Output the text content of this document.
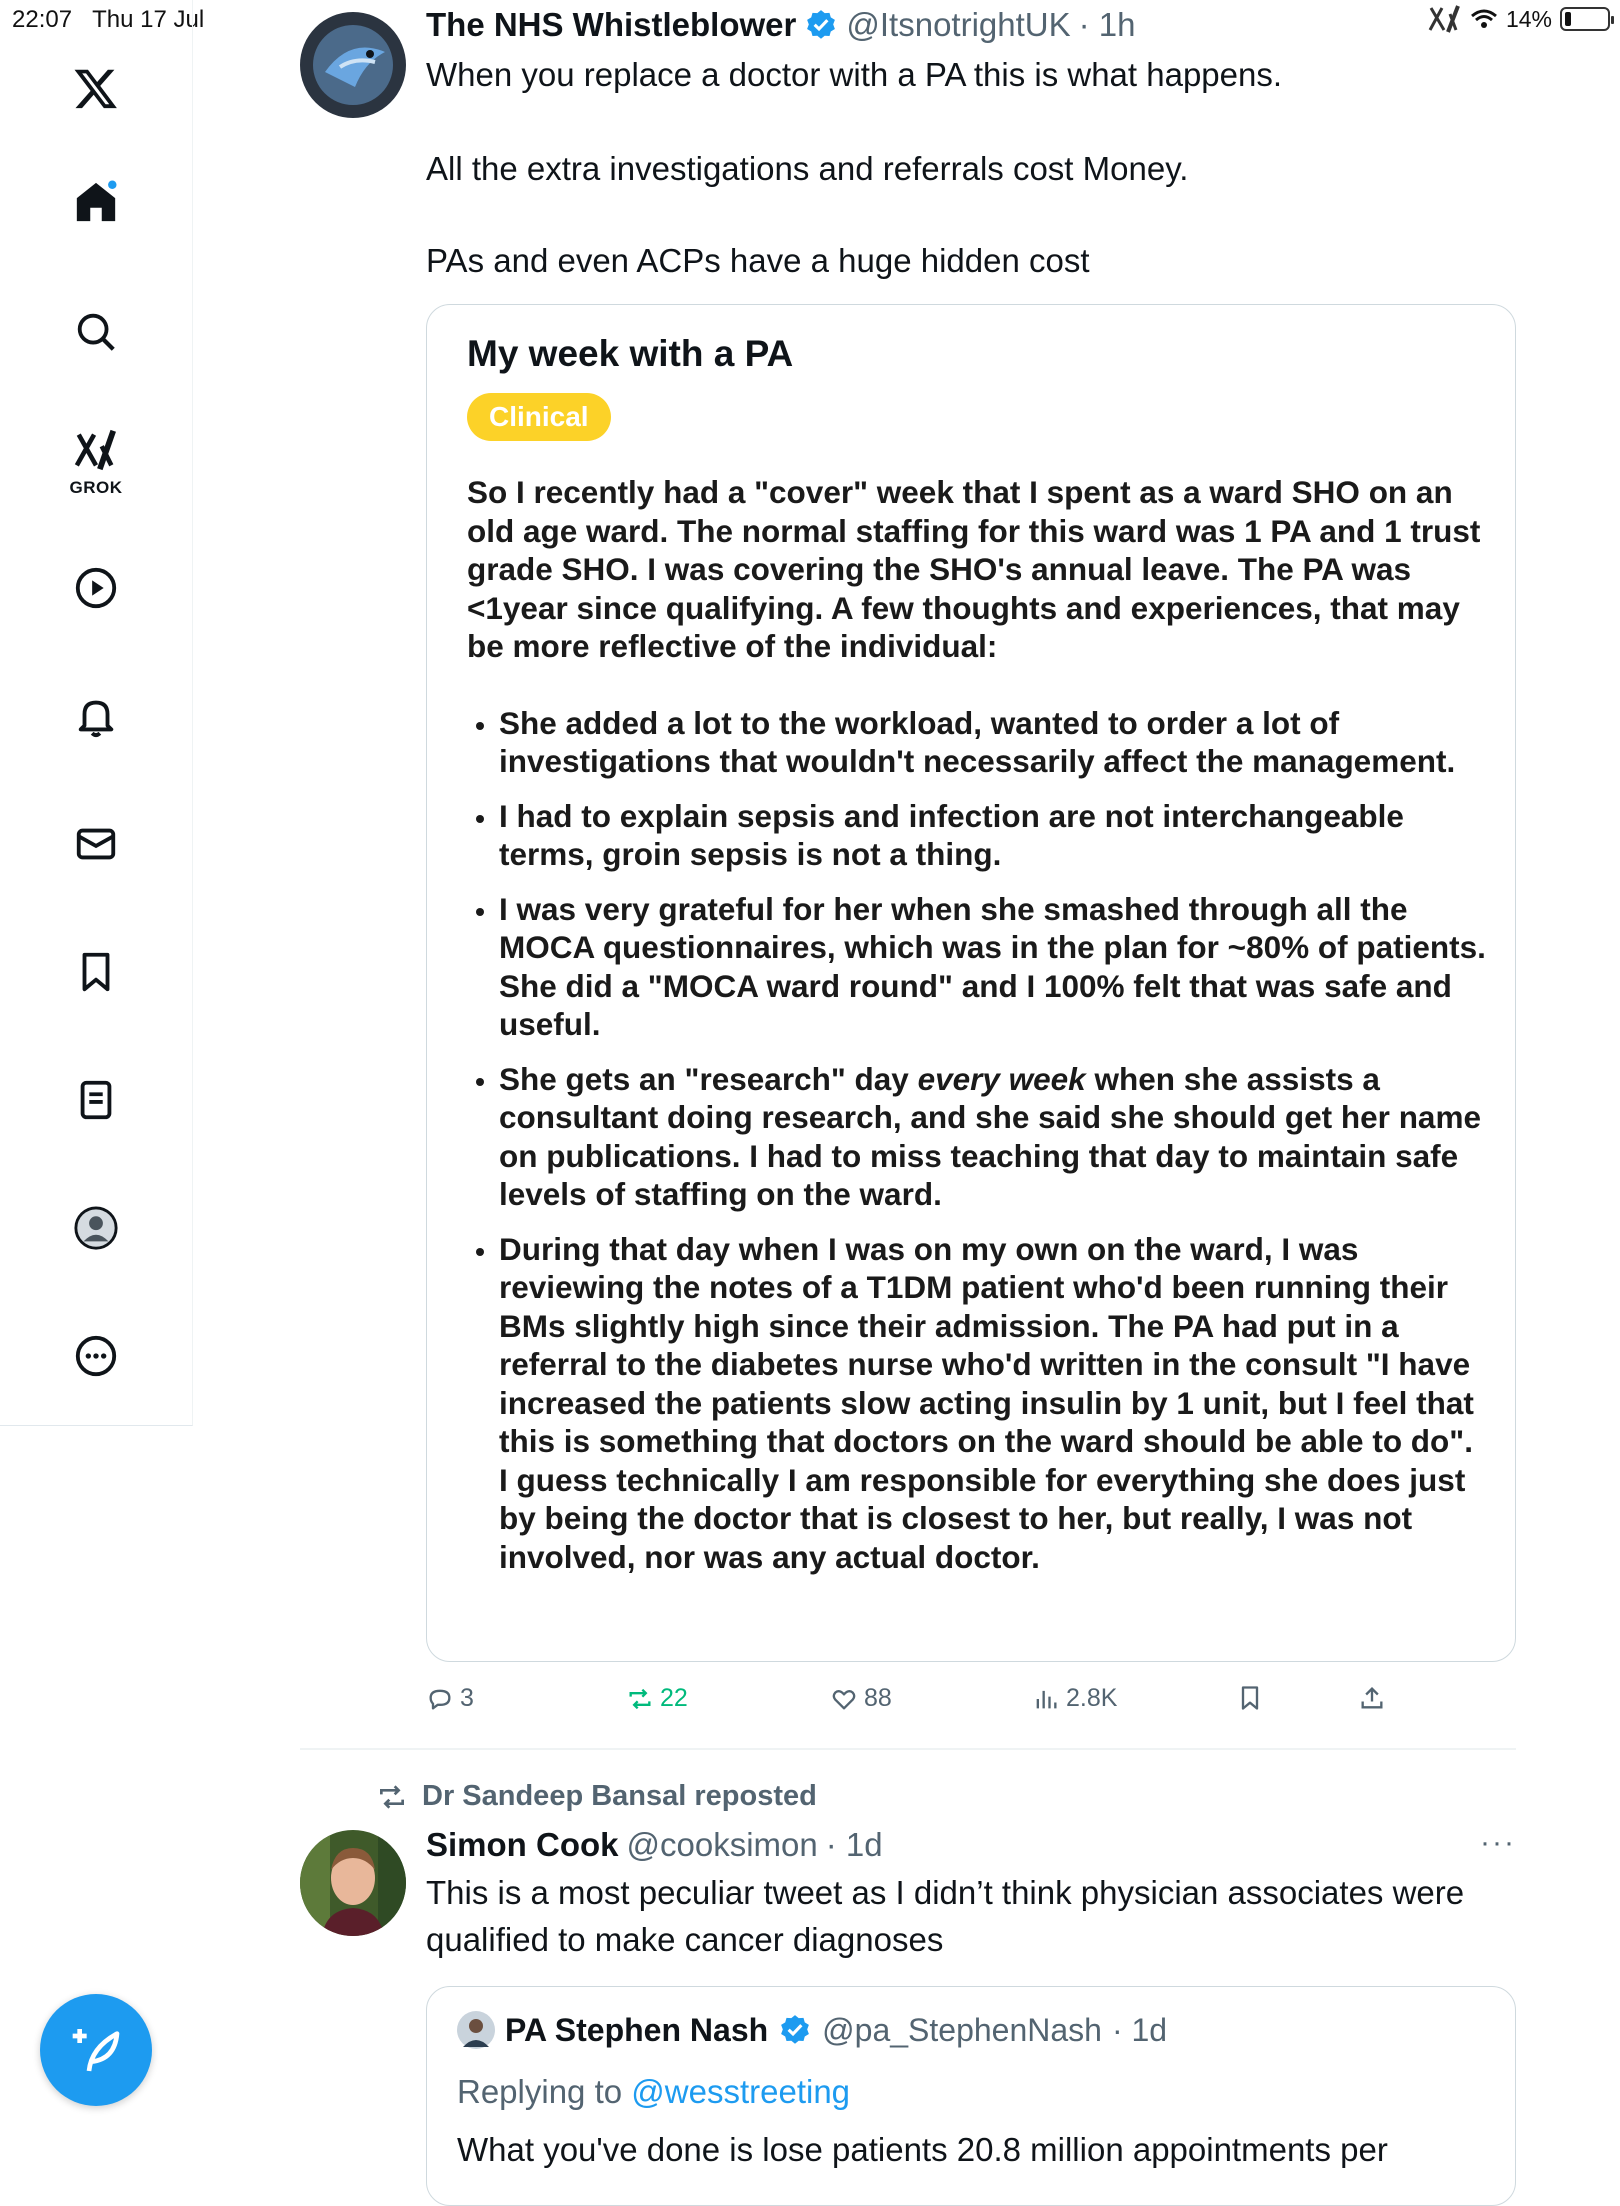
22:07 Thu 17 Jul	14%
GROK
The NHS Whistleblower @ItsnotrightUK · 1h
When you replace a doctor with a PA this is what happens.
All the extra investigations and referrals cost Money.
PAs and even ACPs have a huge hidden cost
My week with a PA
Clinical

So I recently had a "cover" week that I spent as a ward SHO on an old age ward. The normal staffing for this ward was 1 PA and 1 trust grade SHO. I was covering the SHO's annual leave. The PA was <1year since qualifying. A few thoughts and experiences, that may be more reflective of the individual:

• She added a lot to the workload, wanted to order a lot of investigations that wouldn't necessarily affect the management.
• I had to explain sepsis and infection are not interchangeable terms, groin sepsis is not a thing.
• I was very grateful for her when she smashed through all the MOCA questionnaires, which was in the plan for ~80% of patients. She did a "MOCA ward round" and I 100% felt that was safe and useful.
• She gets an "research" day every week when she assists a consultant doing research, and she said she should get her name on publications. I had to miss teaching that day to maintain safe levels of staffing on the ward.
• During that day when I was on my own on the ward, I was reviewing the notes of a T1DM patient who'd been running their BMs slightly high since their admission. The PA had put in a referral to the diabetes nurse who'd written in the consult "I have increased the patients slow acting insulin by 1 unit, but I feel that this is something that doctors on the ward should be able to do". I guess technically I am responsible for everything she does just by being the doctor that is closest to her, but really, I was not involved, nor was any actual doctor.
3	22	88	2.8K
Dr Sandeep Bansal reposted
Simon Cook @cooksimon · 1d	···
This is a most peculiar tweet as I didn’t think physician associates were
qualified to make cancer diagnoses
PA Stephen Nash @pa_StephenNash · 1d
Replying to @wesstreeting
What you've done is lose patients 20.8 million appointments per
